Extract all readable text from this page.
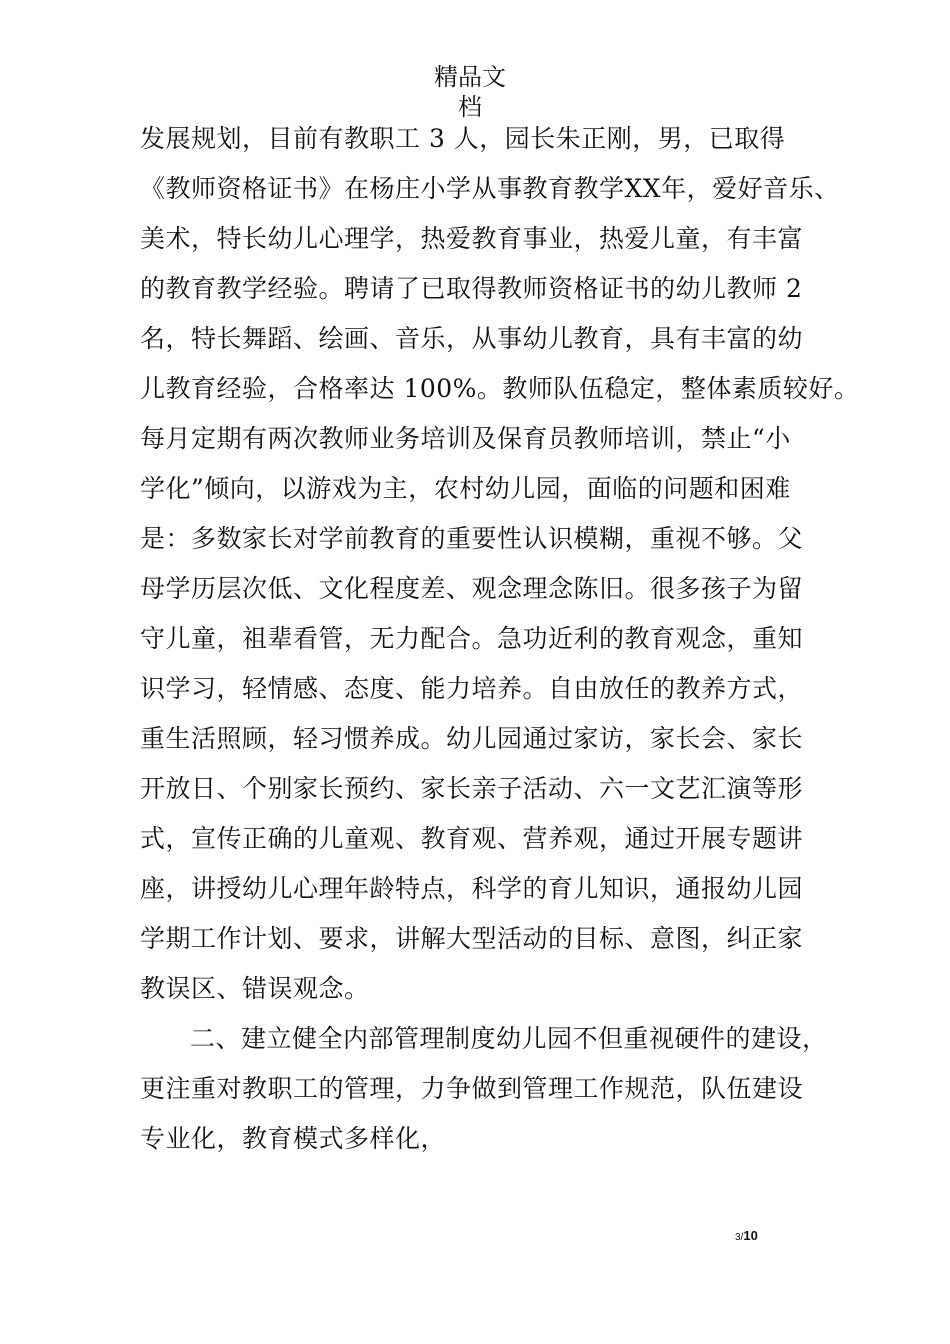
精品文
档
发展规划，目前有教职工 3 人，园长朱正刚，男，已取得
《教师资格证书》在杨庄小学从事教育教学XX年，爱好音乐、
美术，特长幼儿心理学，热爱教育事业，热爱儿童，有丰富
的教育教学经验。聘请了已取得教师资格证书的幼儿教师 2
名，特长舞蹈、绘画、音乐，从事幼儿教育，具有丰富的幼
儿教育经验，合格率达 100%。教师队伍稳定，整体素质较好。
每月定期有两次教师业务培训及保育员教师培训，禁止“小
学化”倾向，以游戏为主，农村幼儿园，面临的问题和困难
是：多数家长对学前教育的重要性认识模糊，重视不够。父
母学历层次低、文化程度差、观念理念陈旧。很多孩子为留
守儿童，祖辈看管，无力配合。急功近利的教育观念，重知
识学习，轻情感、态度、能力培养。自由放任的教养方式，
重生活照顾，轻习惯养成。幼儿园通过家访，家长会、家长
开放日、个别家长预约、家长亲子活动、六一文艺汇演等形
式，宣传正确的儿童观、教育观、营养观，通过开展专题讲
座，讲授幼儿心理年龄特点，科学的育儿知识，通报幼儿园
学期工作计划、要求，讲解大型活动的目标、意图，纠正家
教误区、错误观念。
二、建立健全内部管理制度幼儿园不但重视硬件的建设，
更注重对教职工的管理，力争做到管理工作规范，队伍建设
专业化，教育模式多样化，
3/10
